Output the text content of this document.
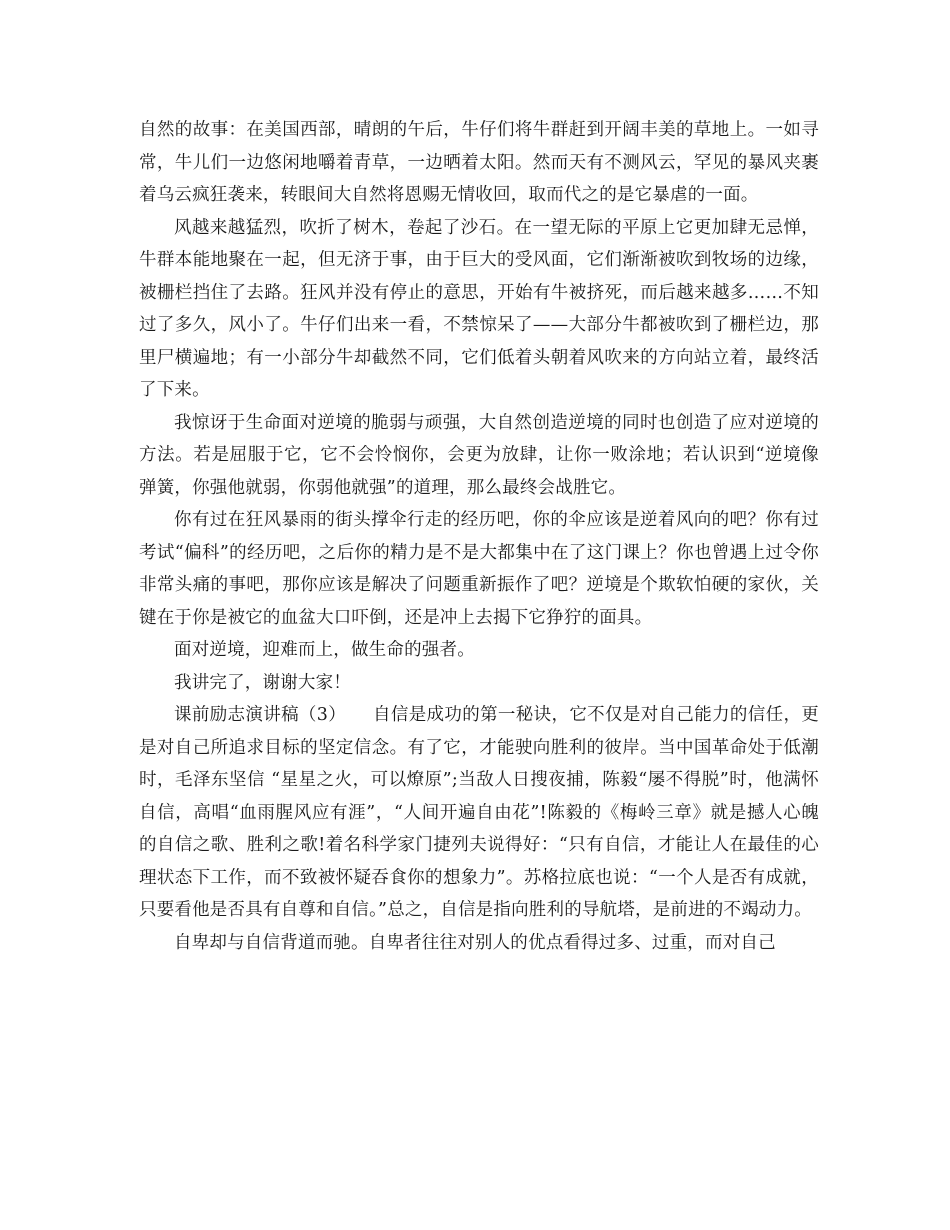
自然的故事：在美国西部，晴朗的午后，牛仔们将牛群赶到开阔丰美的草地上。一如寻常，牛儿们一边悠闲地嚼着青草，一边晒着太阳。然而天有不测风云，罕见的暴风夹裹着乌云疯狂袭来，转眼间大自然将恩赐无情收回，取而代之的是它暴虐的一面。

风越来越猛烈，吹折了树木，卷起了沙石。在一望无际的平原上它更加肆无忌惮，牛群本能地聚在一起，但无济于事，由于巨大的受风面，它们渐渐被吹到牧场的边缘，被栅栏挡住了去路。狂风并没有停止的意思，开始有牛被挤死，而后越来越多……不知过了多久，风小了。牛仔们出来一看，不禁惊呆了——大部分牛都被吹到了栅栏边，那里尸横遍地；有一小部分牛却截然不同，它们低着头朝着风吹来的方向站立着，最终活了下来。

我惊讶于生命面对逆境的脆弱与顽强，大自然创造逆境的同时也创造了应对逆境的方法。若是屈服于它，它不会怜悯你，会更为放肆，让你一败涂地；若认识到“逆境像弹簧，你强他就弱，你弱他就强”的道理，那么最终会战胜它。

你有过在狂风暴雨的街头撑伞行走的经历吧，你的伞应该是逆着风向的吧？你有过考试“偏科”的经历吧，之后你的精力是不是大都集中在了这门课上？你也曾遇上过令你非常头痛的事吧，那你应该是解决了问题重新振作了吧？逆境是个欺软怕硬的家伙，关键在于你是被它的血盆大口吓倒，还是冲上去揭下它狰狞的面具。

面对逆境，迎难而上，做生命的强者。

我讲完了，谢谢大家！

课前励志演讲稿（3）　　自信是成功的第一秘诀，它不仅是对自己能力的信任，更是对自己所追求目标的坚定信念。有了它，才能驶向胜利的彼岸。当中国革命处于低潮时，毛泽东坚信 “星星之火，可以燎原”;当敌人日搜夜捕，陈毅“屡不得脱”时，他满怀自信，高唱“血雨腥风应有涯”，“人间开遍自由花”!陈毅的《梅岭三章》就是撼人心魄的自信之歌、胜利之歌!着名科学家门捷列夫说得好：“只有自信，才能让人在最佳的心理状态下工作，而不致被怀疑吞食你的想象力”。苏格拉底也说：“一个人是否有成就，只要看他是否具有自尊和自信。”总之，自信是指向胜利的导航塔，是前进的不竭动力。

自卑却与自信背道而驰。自卑者往往对别人的优点看得过多、过重，而对自己
